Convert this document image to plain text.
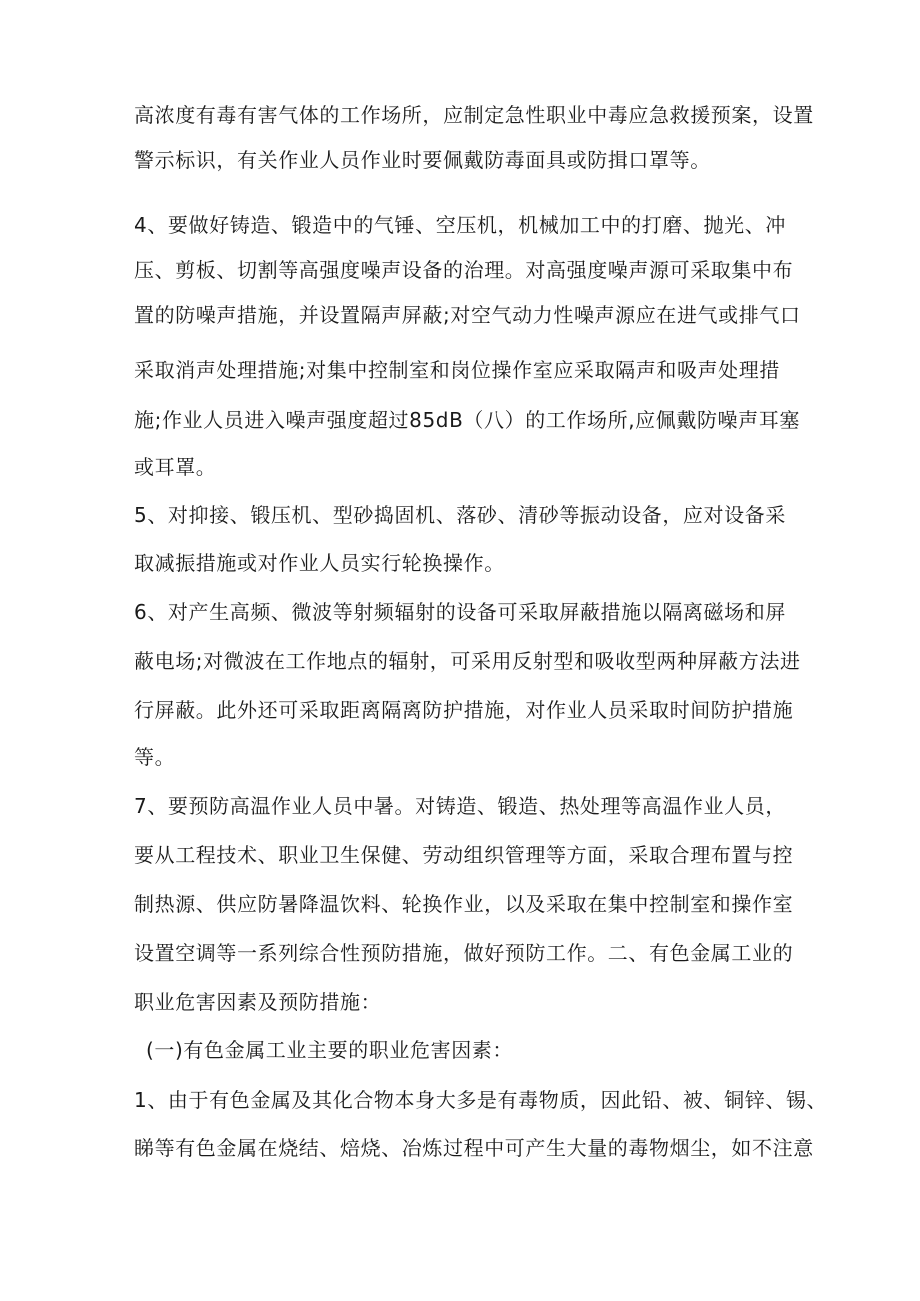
高浓度有毒有害气体的工作场所，应制定急性职业中毒应急救援预案，设置
警示标识，有关作业人员作业时要佩戴防毒面具或防揖口罩等。
4、要做好铸造、锻造中的气锤、空压机，机械加工中的打磨、抛光、冲
压、剪板、切割等高强度噪声设备的治理。对高强度噪声源可采取集中布
置的防噪声措施，并设置隔声屏蔽;对空气动力性噪声源应在进气或排气口
采取消声处理措施;对集中控制室和岗位操作室应采取隔声和吸声处理措
施;作业人员进入噪声强度超过85dB（八）的工作场所,应佩戴防噪声耳塞
或耳罩。
5、对抑接、锻压机、型砂捣固机、落砂、清砂等振动设备，应对设备采
取减振措施或对作业人员实行轮换操作。
6、对产生高频、微波等射频辐射的设备可采取屏蔽措施以隔离磁场和屏
蔽电场;对微波在工作地点的辐射，可采用反射型和吸收型两种屏蔽方法进
行屏蔽。此外还可采取距离隔离防护措施，对作业人员采取时间防护措施
等。
7、要预防高温作业人员中暑。对铸造、锻造、热处理等高温作业人员，
要从工程技术、职业卫生保健、劳动组织管理等方面，采取合理布置与控
制热源、供应防暑降温饮料、轮换作业，以及采取在集中控制室和操作室
设置空调等一系列综合性预防措施，做好预防工作。二、有色金属工业的
职业危害因素及预防措施：
(一)有色金属工业主要的职业危害因素：
1、由于有色金属及其化合物本身大多是有毒物质，因此铅、被、铜锌、锡、
睇等有色金属在烧结、焙烧、冶炼过程中可产生大量的毒物烟尘，如不注意
